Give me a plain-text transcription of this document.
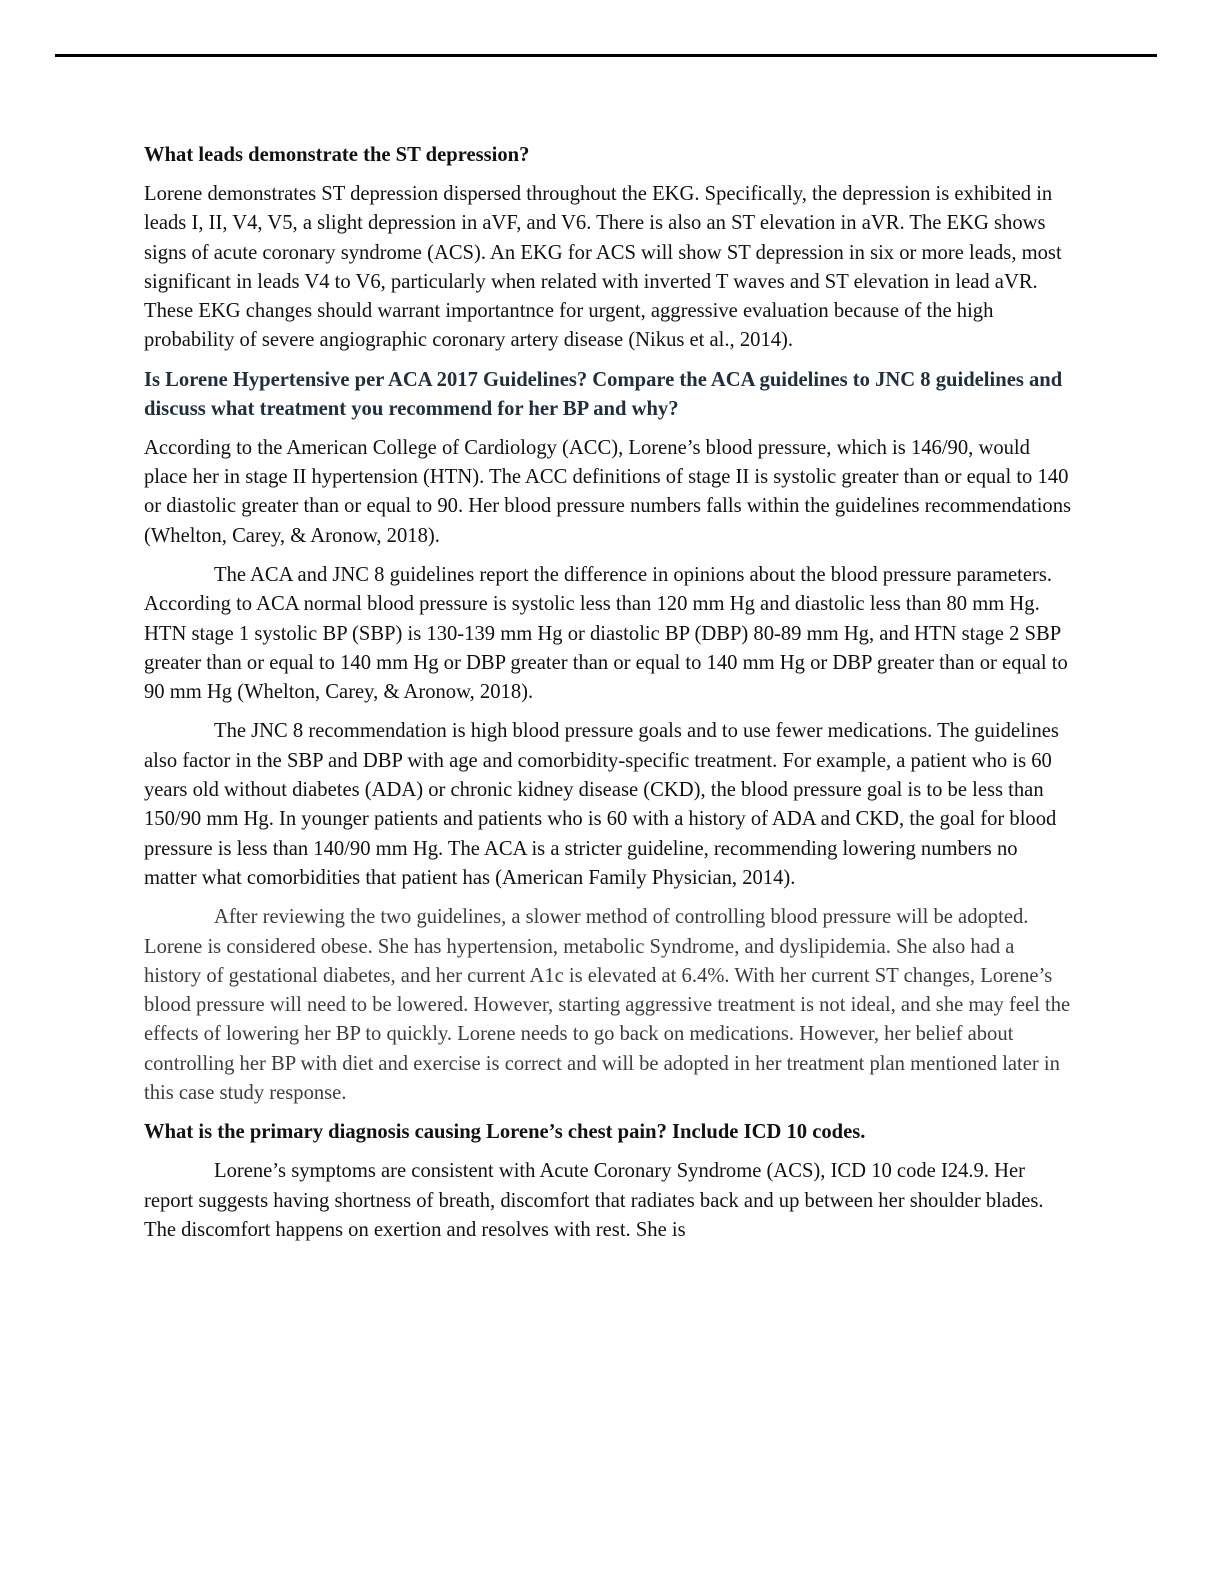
What leads demonstrate the ST depression?

Lorene demonstrates ST depression dispersed throughout the EKG. Specifically, the depression is exhibited in leads I, II, V4, V5, a slight depression in aVF, and V6. There is also an ST elevation in aVR. The EKG shows signs of acute coronary syndrome (ACS). An EKG for ACS will show ST depression in six or more leads, most significant in leads V4 to V6, particularly when related with inverted T waves and ST elevation in lead aVR. These EKG changes should warrant importantnce for urgent, aggressive evaluation because of the high probability of severe angiographic coronary artery disease (Nikus et al., 2014).

Is Lorene Hypertensive per ACA 2017 Guidelines? Compare the ACA guidelines to JNC 8 guidelines and discuss what treatment you recommend for her BP and why?

According to the American College of Cardiology (ACC), Lorene’s blood pressure, which is 146/90, would place her in stage II hypertension (HTN). The ACC definitions of stage II is systolic greater than or equal to 140 or diastolic greater than or equal to 90. Her blood pressure numbers falls within the guidelines recommendations (Whelton, Carey, & Aronow, 2018).

The ACA and JNC 8 guidelines report the difference in opinions about the blood pressure parameters. According to ACA normal blood pressure is systolic less than 120 mm Hg and diastolic less than 80 mm Hg. HTN stage 1 systolic BP (SBP) is 130-139 mm Hg or diastolic BP (DBP) 80-89 mm Hg, and HTN stage 2 SBP greater than or equal to 140 mm Hg or DBP greater than or equal to 140 mm Hg or DBP greater than or equal to 90 mm Hg (Whelton, Carey, & Aronow, 2018).

The JNC 8 recommendation is high blood pressure goals and to use fewer medications. The guidelines also factor in the SBP and DBP with age and comorbidity-specific treatment. For example, a patient who is 60 years old without diabetes (ADA) or chronic kidney disease (CKD), the blood pressure goal is to be less than 150/90 mm Hg. In younger patients and patients who is 60 with a history of ADA and CKD, the goal for blood pressure is less than 140/90 mm Hg. The ACA is a stricter guideline, recommending lowering numbers no matter what comorbidities that patient has (American Family Physician, 2014).

After reviewing the two guidelines, a slower method of controlling blood pressure will be adopted. Lorene is considered obese. She has hypertension, metabolic Syndrome, and dyslipidemia. She also had a history of gestational diabetes, and her current A1c is elevated at 6.4%. With her current ST changes, Lorene’s blood pressure will need to be lowered. However, starting aggressive treatment is not ideal, and she may feel the effects of lowering her BP to quickly. Lorene needs to go back on medications. However, her belief about controlling her BP with diet and exercise is correct and will be adopted in her treatment plan mentioned later in this case study response.

What is the primary diagnosis causing Lorene’s chest pain? Include ICD 10 codes.

Lorene’s symptoms are consistent with Acute Coronary Syndrome (ACS), ICD 10 code I24.9. Her report suggests having shortness of breath, discomfort that radiates back and up between her shoulder blades. The discomfort happens on exertion and resolves with rest. She is
